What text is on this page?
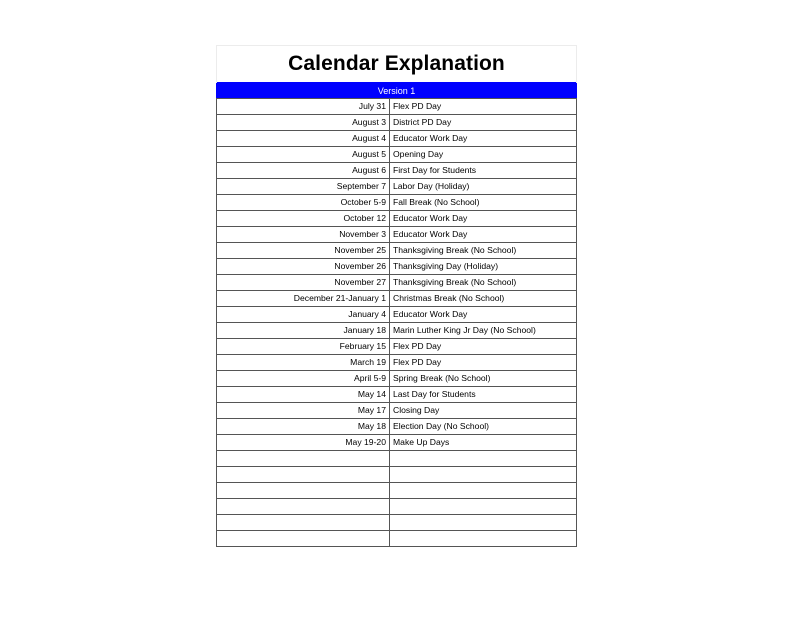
Calendar Explanation	
Version 1	
July 31	Flex PD Day
August 3	District PD Day
August 4	Educator Work Day
August 5	Opening Day
August 6	First Day for Students
September 7	Labor Day (Holiday)
October 5-9	Fall Break (No School)
October 12	Educator Work Day
November 3	Educator Work Day
November 25	Thanksgiving Break (No School)
November 26	Thanksgiving Day (Holiday)
November 27	Thanksgiving Break (No School)
December 21-January 1	Christmas Break (No School)
January 4	Educator Work Day
January 18	Marin Luther King Jr Day (No School)
February 15	Flex PD Day
March 19	Flex PD Day
April 5-9	Spring Break (No School)
May 14	Last Day for Students
May 17	Closing Day
May 18	Election Day (No School)
May 19-20	Make Up Days
